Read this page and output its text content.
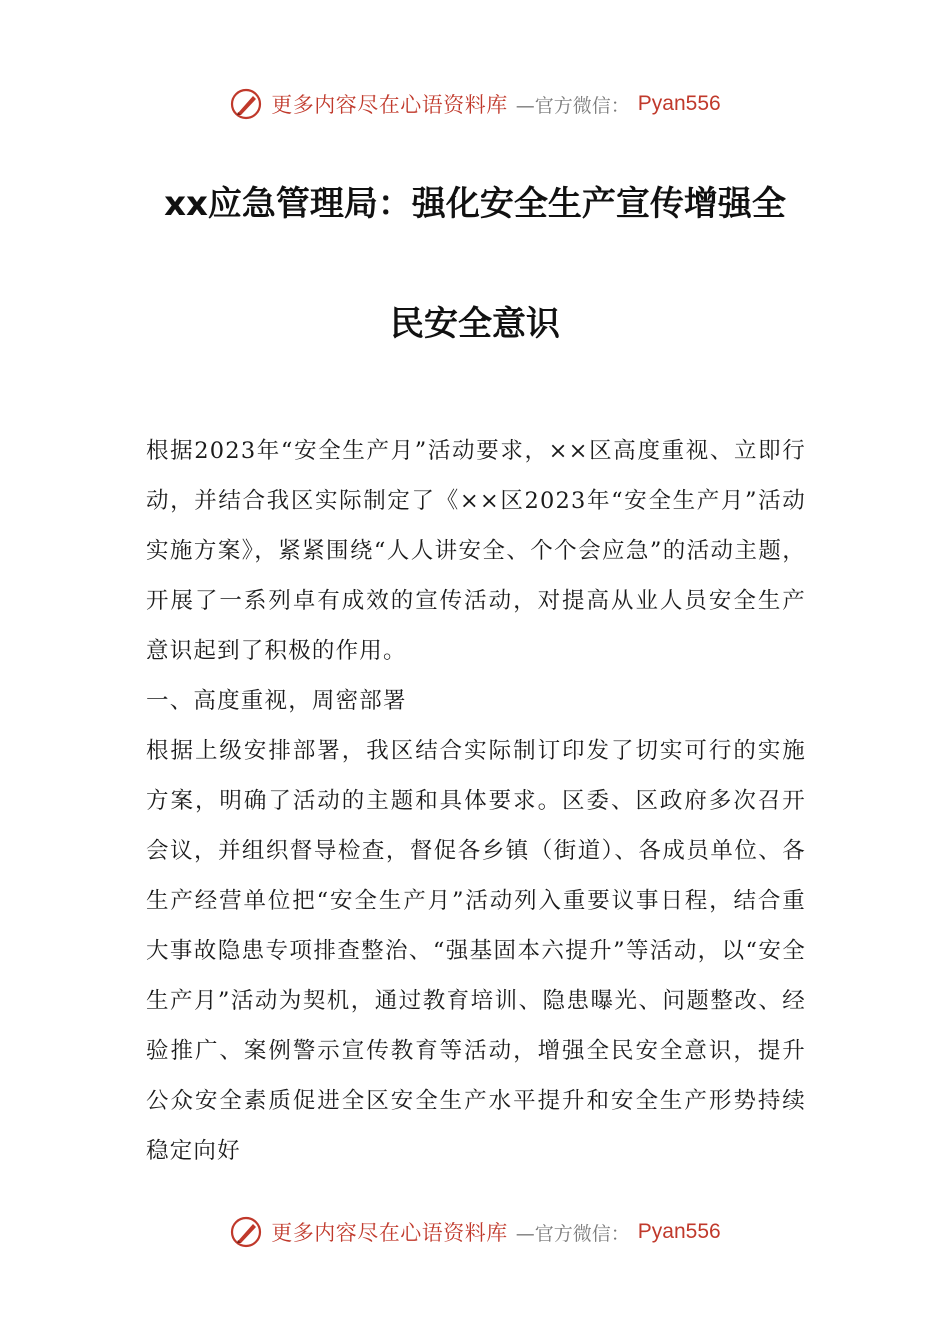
更多内容尽在心语资料库 —官方微信： Pyan556
xx应急管理局：强化安全生产宣传增强全
民安全意识

根据2023年“安全生产月”活动要求，××区高度重视、立即行动，并结合我区实际制定了《××区2023年“安全生产月”活动实施方案》，紧紧围绕“人人讲安全、个个会应急”的活动主题，开展了一系列卓有成效的宣传活动，对提高从业人员安全生产意识起到了积极的作用。

一、高度重视，周密部署

根据上级安排部署，我区结合实际制订印发了切实可行的实施方案，明确了活动的主题和具体要求。区委、区政府多次召开会议，并组织督导检查，督促各乡镇（街道）、各成员单位、各生产经营单位把“安全生产月”活动列入重要议事日程，结合重大事故隐患专项排查整治、“强基固本六提升”等活动，以“安全生产月”活动为契机，通过教育培训、隐患曝光、问题整改、经验推广、案例警示宣传教育等活动，增强全民安全意识，提升公众安全素质促进全区安全生产水平提升和安全生产形势持续稳定向好

更多内容尽在心语资料库 —官方微信： Pyan556
